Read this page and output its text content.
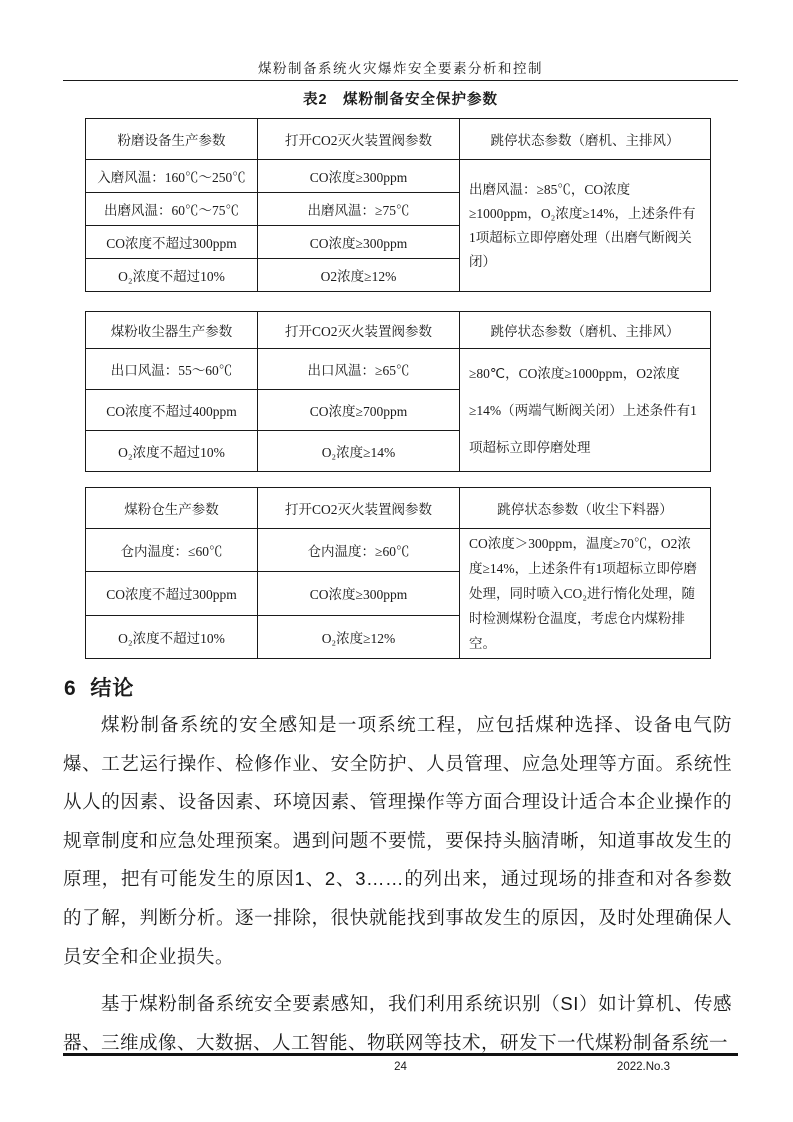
煤粉制备系统火灾爆炸安全要素分析和控制
表2　煤粉制备安全保护参数
粉磨设备生产参数	打开CO2灭火装置阀参数	跳停状态参数（磨机、主排风）
入磨风温：160℃～250℃	CO浓度≥300ppm	出磨风温：≥85℃，CO浓度≥1000ppm，O₂浓度≥14%，上述条件有1项超标立即停磨处理（出磨气断阀关闭）
出磨风温：60℃～75℃	出磨风温：≥75℃	
CO浓度不超过300ppm	CO浓度≥300ppm	
O₂浓度不超过10%	O2浓度≥12%	
煤粉收尘器生产参数	打开CO2灭火装置阀参数	跳停状态参数（磨机、主排风）
出口风温：55～60℃	出口风温：≥65℃	≥80℃，CO浓度≥1000ppm，O2浓度≥14%（两端气断阀关闭）上述条件有1项超标立即停磨处理
CO浓度不超过400ppm	CO浓度≥700ppm	
O₂浓度不超过10%	O₂浓度≥14%	
煤粉仓生产参数	打开CO2灭火装置阀参数	跳停状态参数（收尘下料器）
仓内温度：≤60℃	仓内温度：≥60℃	CO浓度＞300ppm，温度≥70℃，O2浓度≥14%，上述条件有1项超标立即停磨处理，同时喷入CO₂进行惰化处理，随时检测煤粉仓温度，考虑仓内煤粉排空。
CO浓度不超过300ppm	CO浓度≥300ppm	
O₂浓度不超过10%	O₂浓度≥12%	
6  结论

煤粉制备系统的安全感知是一项系统工程，应包括煤种选择、设备电气防爆、工艺运行操作、检修作业、安全防护、人员管理、应急处理等方面。系统性从人的因素、设备因素、环境因素、管理操作等方面合理设计适合本企业操作的规章制度和应急处理预案。遇到问题不要慌，要保持头脑清晰，知道事故发生的原理，把有可能发生的原因1、2、3……的列出来，通过现场的排查和对各参数的了解，判断分析。逐一排除，很快就能找到事故发生的原因，及时处理确保人员安全和企业损失。

基于煤粉制备系统安全要素感知，我们利用系统识别（SI）如计算机、传感器、三维成像、大数据、人工智能、物联网等技术，研发下一代煤粉制备系统一

24	2022.No.3
